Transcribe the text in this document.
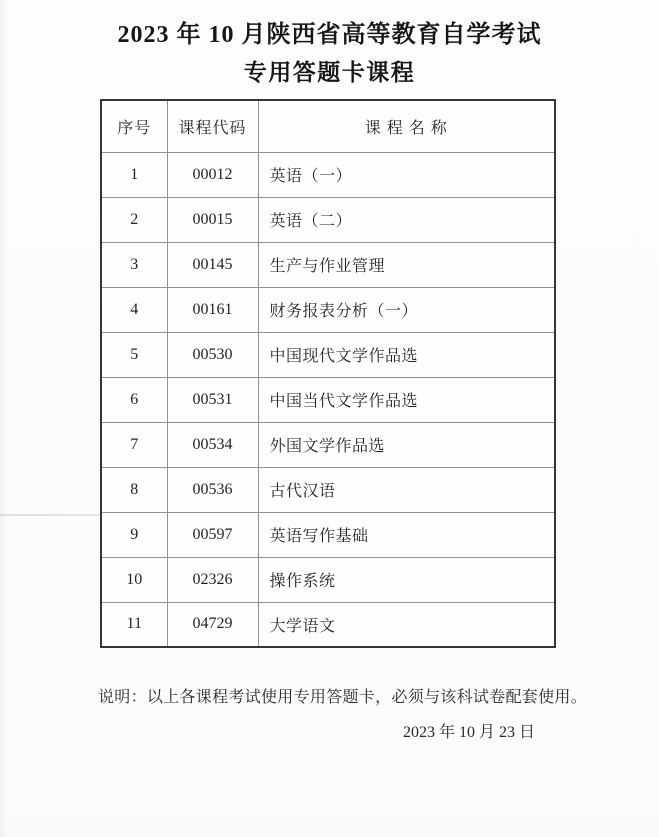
2023 年 10 月陕西省高等教育自学考试
专用答题卡课程
序号	课程代码	课 程 名 称
1	00012	英语（一）
2	00015	英语（二）
3	00145	生产与作业管理
4	00161	财务报表分析（一）
5	00530	中国现代文学作品选
6	00531	中国当代文学作品选
7	00534	外国文学作品选
8	00536	古代汉语
9	00597	英语写作基础
10	02326	操作系统
11	04729	大学语文
说明：以上各课程考试使用专用答题卡，必须与该科试卷配套使用。
2023 年 10 月 23 日
